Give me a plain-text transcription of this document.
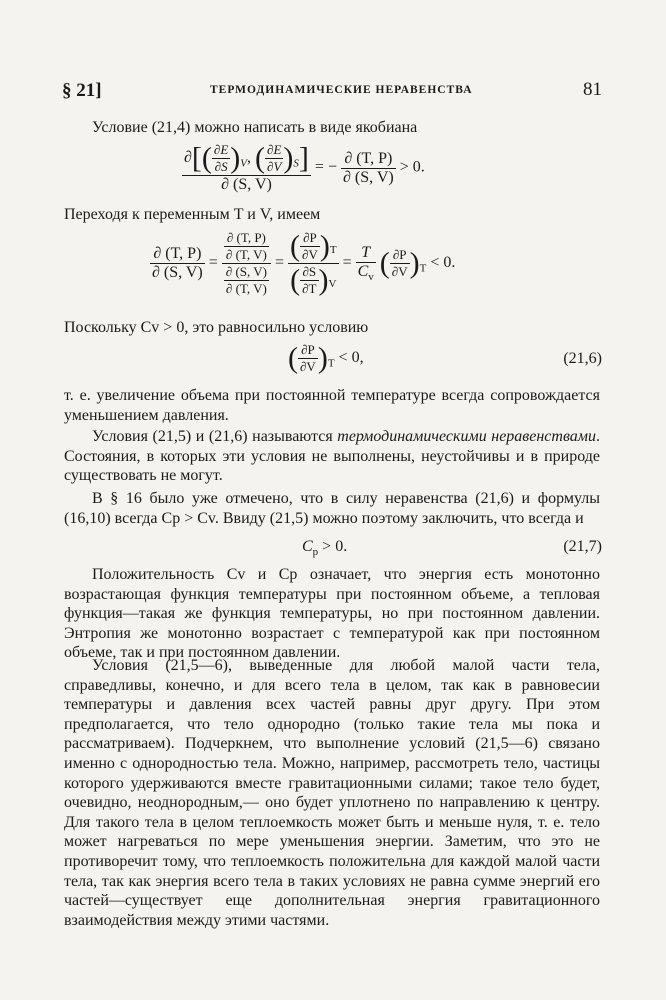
§ 21]	ТЕРМОДИНАМИЧЕСКИЕ НЕРАВЕНСТВА	81
Условие (21,4) можно написать в виде якобиана
$\frac{\partial[( \frac{\partial E}{\partial S} )_V, ( \frac{\partial E}{\partial V} )_S]}{\partial (S, V)}$ = − $\frac{\partial (T, P)}{\partial (S, V)} > 0$.
Переходя к переменным T и V, имеем
$\frac{\partial (T, P)}{\partial (S, V)} = \frac{\frac{\partial (T, P)}{\partial (T, V)}}{\frac{\partial (S, V)}{\partial (T, V)}} = \frac{( \frac{\partial P}{\partial V} )_T}{( \frac{\partial S}{\partial T} )_V} = \frac{T}{C_v}$ ( $\frac{\partial P}{\partial V} )_T < 0$.
Поскольку Cv > 0, это равносильно условию
( $\frac{\partial P}{\partial V} )_T < 0$,	(21,6)
т. е. увеличение объема при постоянной температуре всегда сопровождается уменьшением давления.
Условия (21,5) и (21,6) называются термодинамическими неравенствами. Состояния, в которых эти условия не выполнены, неустойчивы и в природе существовать не могут.
В § 16 было уже отмечено, что в силу неравенства (21,6) и формулы (16,10) всегда Cp > Cv. Ввиду (21,5) можно поэтому заключить, что всегда и
$C_p > 0$.	(21,7)
Положительность Cv и Cp означает, что энергия есть монотонно возрастающая функция температуры при постоянном объеме, а тепловая функция—такая же функция температуры, но при постоянном давлении. Энтропия же монотонно возрастает с температурой как при постоянном объеме, так и при постоянном давлении.
Условия (21,5—6), выведенные для любой малой части тела, справедливы, конечно, и для всего тела в целом, так как в равновесии температуры и давления всех частей равны друг другу. При этом предполагается, что тело однородно (только такие тела мы пока и рассматриваем). Подчеркнем, что выполнение условий (21,5—6) связано именно с однородностью тела. Можно, например, рассмотреть тело, частицы которого удерживаются вместе гравитационными силами; такое тело будет, очевидно, неоднородным,— оно будет уплотнено по направлению к центру. Для такого тела в целом теплоемкость может быть и меньше нуля, т. е. тело может нагреваться по мере уменьшения энергии. Заметим, что это не противоречит тому, что теплоемкость положительна для каждой малой части тела, так как энергия всего тела в таких условиях не равна сумме энергий его частей—существует еще дополнительная энергия гравитационного взаимодействия между этими частями.
